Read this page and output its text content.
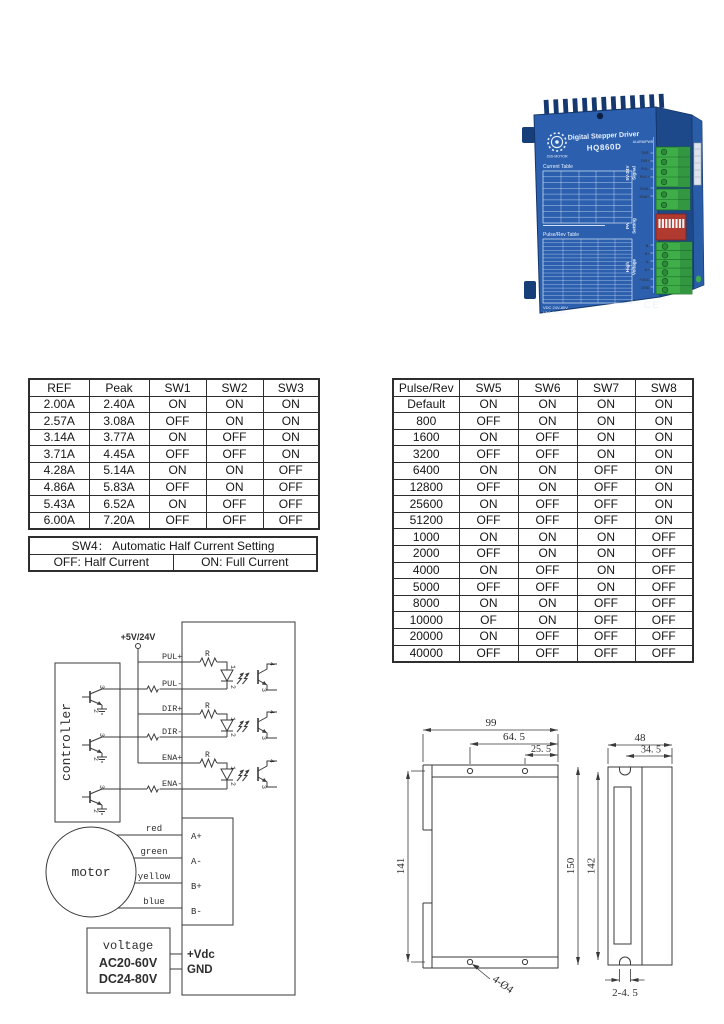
JSS-MOTOR
Digital Stepper Driver
HQ860D
Current Table
Pulse/Rev Table
VDC 24V-80V
VAC 20V-60V
CE
ALARM/PWR
5V-24V Signal
PA Setting
High Voltage
DIR-
DIR+
PUL-
PUL+
ENA-
ENA+
B-
B+
A-
A+
+VDC
GND
REF	Peak	SW1	SW2	SW3
2.00A	2.40A	ON	ON	ON
2.57A	3.08A	OFF	ON	ON
3.14A	3.77A	ON	OFF	ON
3.71A	4.45A	OFF	OFF	ON
4.28A	5.14A	ON	ON	OFF
4.86A	5.83A	OFF	ON	OFF
5.43A	6.52A	ON	OFF	OFF
6.00A	7.20A	OFF	OFF	OFF
SW4： Automatic Half Current Setting
OFF: Half Current	ON: Full Current
Pulse/Rev	SW5	SW6	SW7	SW8
Default	ON	ON	ON	ON
800	OFF	ON	ON	ON
1600	ON	OFF	ON	ON
3200	OFF	OFF	ON	ON
6400	ON	ON	OFF	ON
12800	OFF	ON	OFF	ON
25600	ON	OFF	OFF	ON
51200	OFF	OFF	OFF	ON
1000	ON	ON	ON	OFF
2000	OFF	ON	ON	OFF
4000	ON	OFF	ON	OFF
5000	OFF	OFF	ON	OFF
8000	ON	ON	OFF	OFF
10000	OF	ON	OFF	OFF
20000	ON	OFF	OFF	OFF
40000	OFF	OFF	OFF	OFF
+5V/24V
controller
PUL+
PUL-
DIR+
DIR-
ENA+
ENA-
R
R
R
1
2
4
3
1
2
4
3
1
2
4
3
3
2
3
2
3
2
motor
red
green
yellow
blue
A+
A-
B+
B-
voltage
AC20-60V
DC24-80V
+Vdc
GND
99
64. 5
25. 5
141
4-Ø4
48
34. 5
150 142
2-4. 5
